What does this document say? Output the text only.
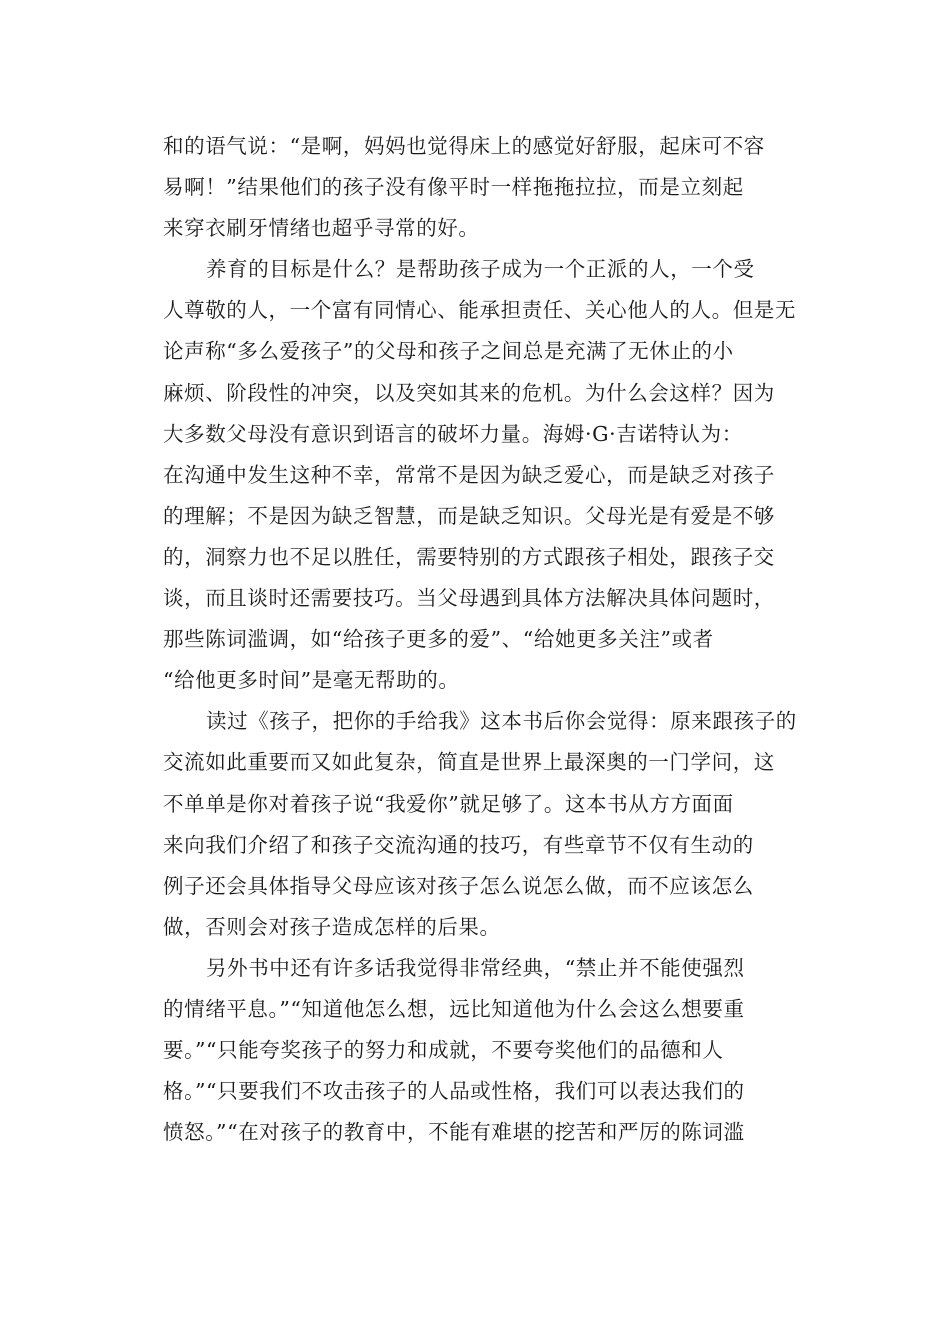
和的语气说：“是啊，妈妈也觉得床上的感觉好舒服，起床可不容
易啊！”结果他们的孩子没有像平时一样拖拖拉拉，而是立刻起
来穿衣刷牙情绪也超乎寻常的好。
养育的目标是什么？是帮助孩子成为一个正派的人，一个受
人尊敬的人，一个富有同情心、能承担责任、关心他人的人。但是无
论声称“多么爱孩子”的父母和孩子之间总是充满了无休止的小
麻烦、阶段性的冲突，以及突如其来的危机。为什么会这样？因为
大多数父母没有意识到语言的破坏力量。海姆·G·吉诺特认为：
在沟通中发生这种不幸，常常不是因为缺乏爱心，而是缺乏对孩子
的理解；不是因为缺乏智慧，而是缺乏知识。父母光是有爱是不够
的，洞察力也不足以胜任，需要特别的方式跟孩子相处，跟孩子交
谈，而且谈时还需要技巧。当父母遇到具体方法解决具体问题时，
那些陈词滥调，如“给孩子更多的爱”、“给她更多关注”或者
“给他更多时间”是毫无帮助的。
读过《孩子，把你的手给我》这本书后你会觉得：原来跟孩子的
交流如此重要而又如此复杂，简直是世界上最深奥的一门学问，这
不单单是你对着孩子说“我爱你”就足够了。这本书从方方面面
来向我们介绍了和孩子交流沟通的技巧，有些章节不仅有生动的
例子还会具体指导父母应该对孩子怎么说怎么做，而不应该怎么
做，否则会对孩子造成怎样的后果。
另外书中还有许多话我觉得非常经典，“禁止并不能使强烈
的情绪平息。”“知道他怎么想，远比知道他为什么会这么想要重
要。”“只能夸奖孩子的努力和成就，不要夸奖他们的品德和人
格。”“只要我们不攻击孩子的人品或性格，我们可以表达我们的
愤怒。”“在对孩子的教育中，不能有难堪的挖苦和严厉的陈词滥
